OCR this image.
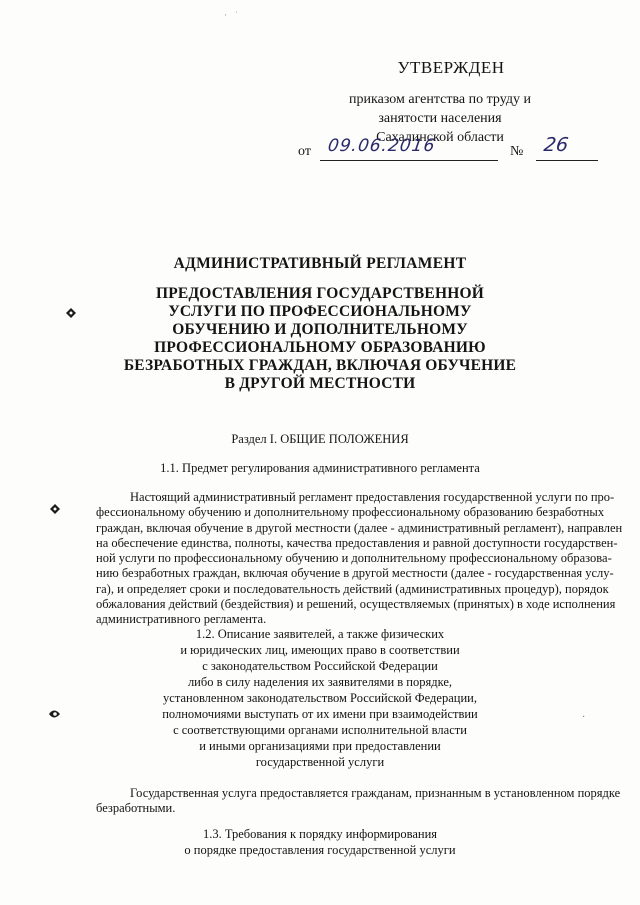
· ˈ
УТВЕРЖДЕН
приказом агентства по труду и
занятости населения
Сахалинской области
от 09.06.2016	№ 26
АДМИНИСТРАТИВНЫЙ РЕГЛАМЕНТ
ПРЕДОСТАВЛЕНИЯ ГОСУДАРСТВЕННОЙ
УСЛУГИ ПО ПРОФЕССИОНАЛЬНОМУ
ОБУЧЕНИЮ И ДОПОЛНИТЕЛЬНОМУ
ПРОФЕССИОНАЛЬНОМУ ОБРАЗОВАНИЮ
БЕЗРАБОТНЫХ ГРАЖДАН, ВКЛЮЧАЯ ОБУЧЕНИЕ
В ДРУГОЙ МЕСТНОСТИ
Раздел I. ОБЩИЕ ПОЛОЖЕНИЯ
1.1. Предмет регулирования административного регламента
Настоящий административный регламент предоставления государственной услуги по про-
фессиональному обучению и дополнительному профессиональному образованию безработных
граждан, включая обучение в другой местности (далее - административный регламент), направлен
на обеспечение единства, полноты, качества предоставления и равной доступности государствен-
ной услуги по профессиональному обучению и дополнительному профессиональному образова-
нию безработных граждан, включая обучение в другой местности (далее - государственная услу-
га), и определяет сроки и последовательность действий (административных процедур), порядок
обжалования действий (бездействия) и решений, осуществляемых (принятых) в ходе исполнения
административного регламента.
1.2. Описание заявителей, а также физических
и юридических лиц, имеющих право в соответствии
с законодательством Российской Федерации
либо в силу наделения их заявителями в порядке,
установленном законодательством Российской Федерации,
полномочиями выступать от их имени при взаимодействии
с соответствующими органами исполнительной власти
и иными организациями при предоставлении
государственной услуги
Государственная услуга предоставляется гражданам, признанным в установленном порядке
безработными.
1.3. Требования к порядку информирования
о порядке предоставления государственной услуги
·
